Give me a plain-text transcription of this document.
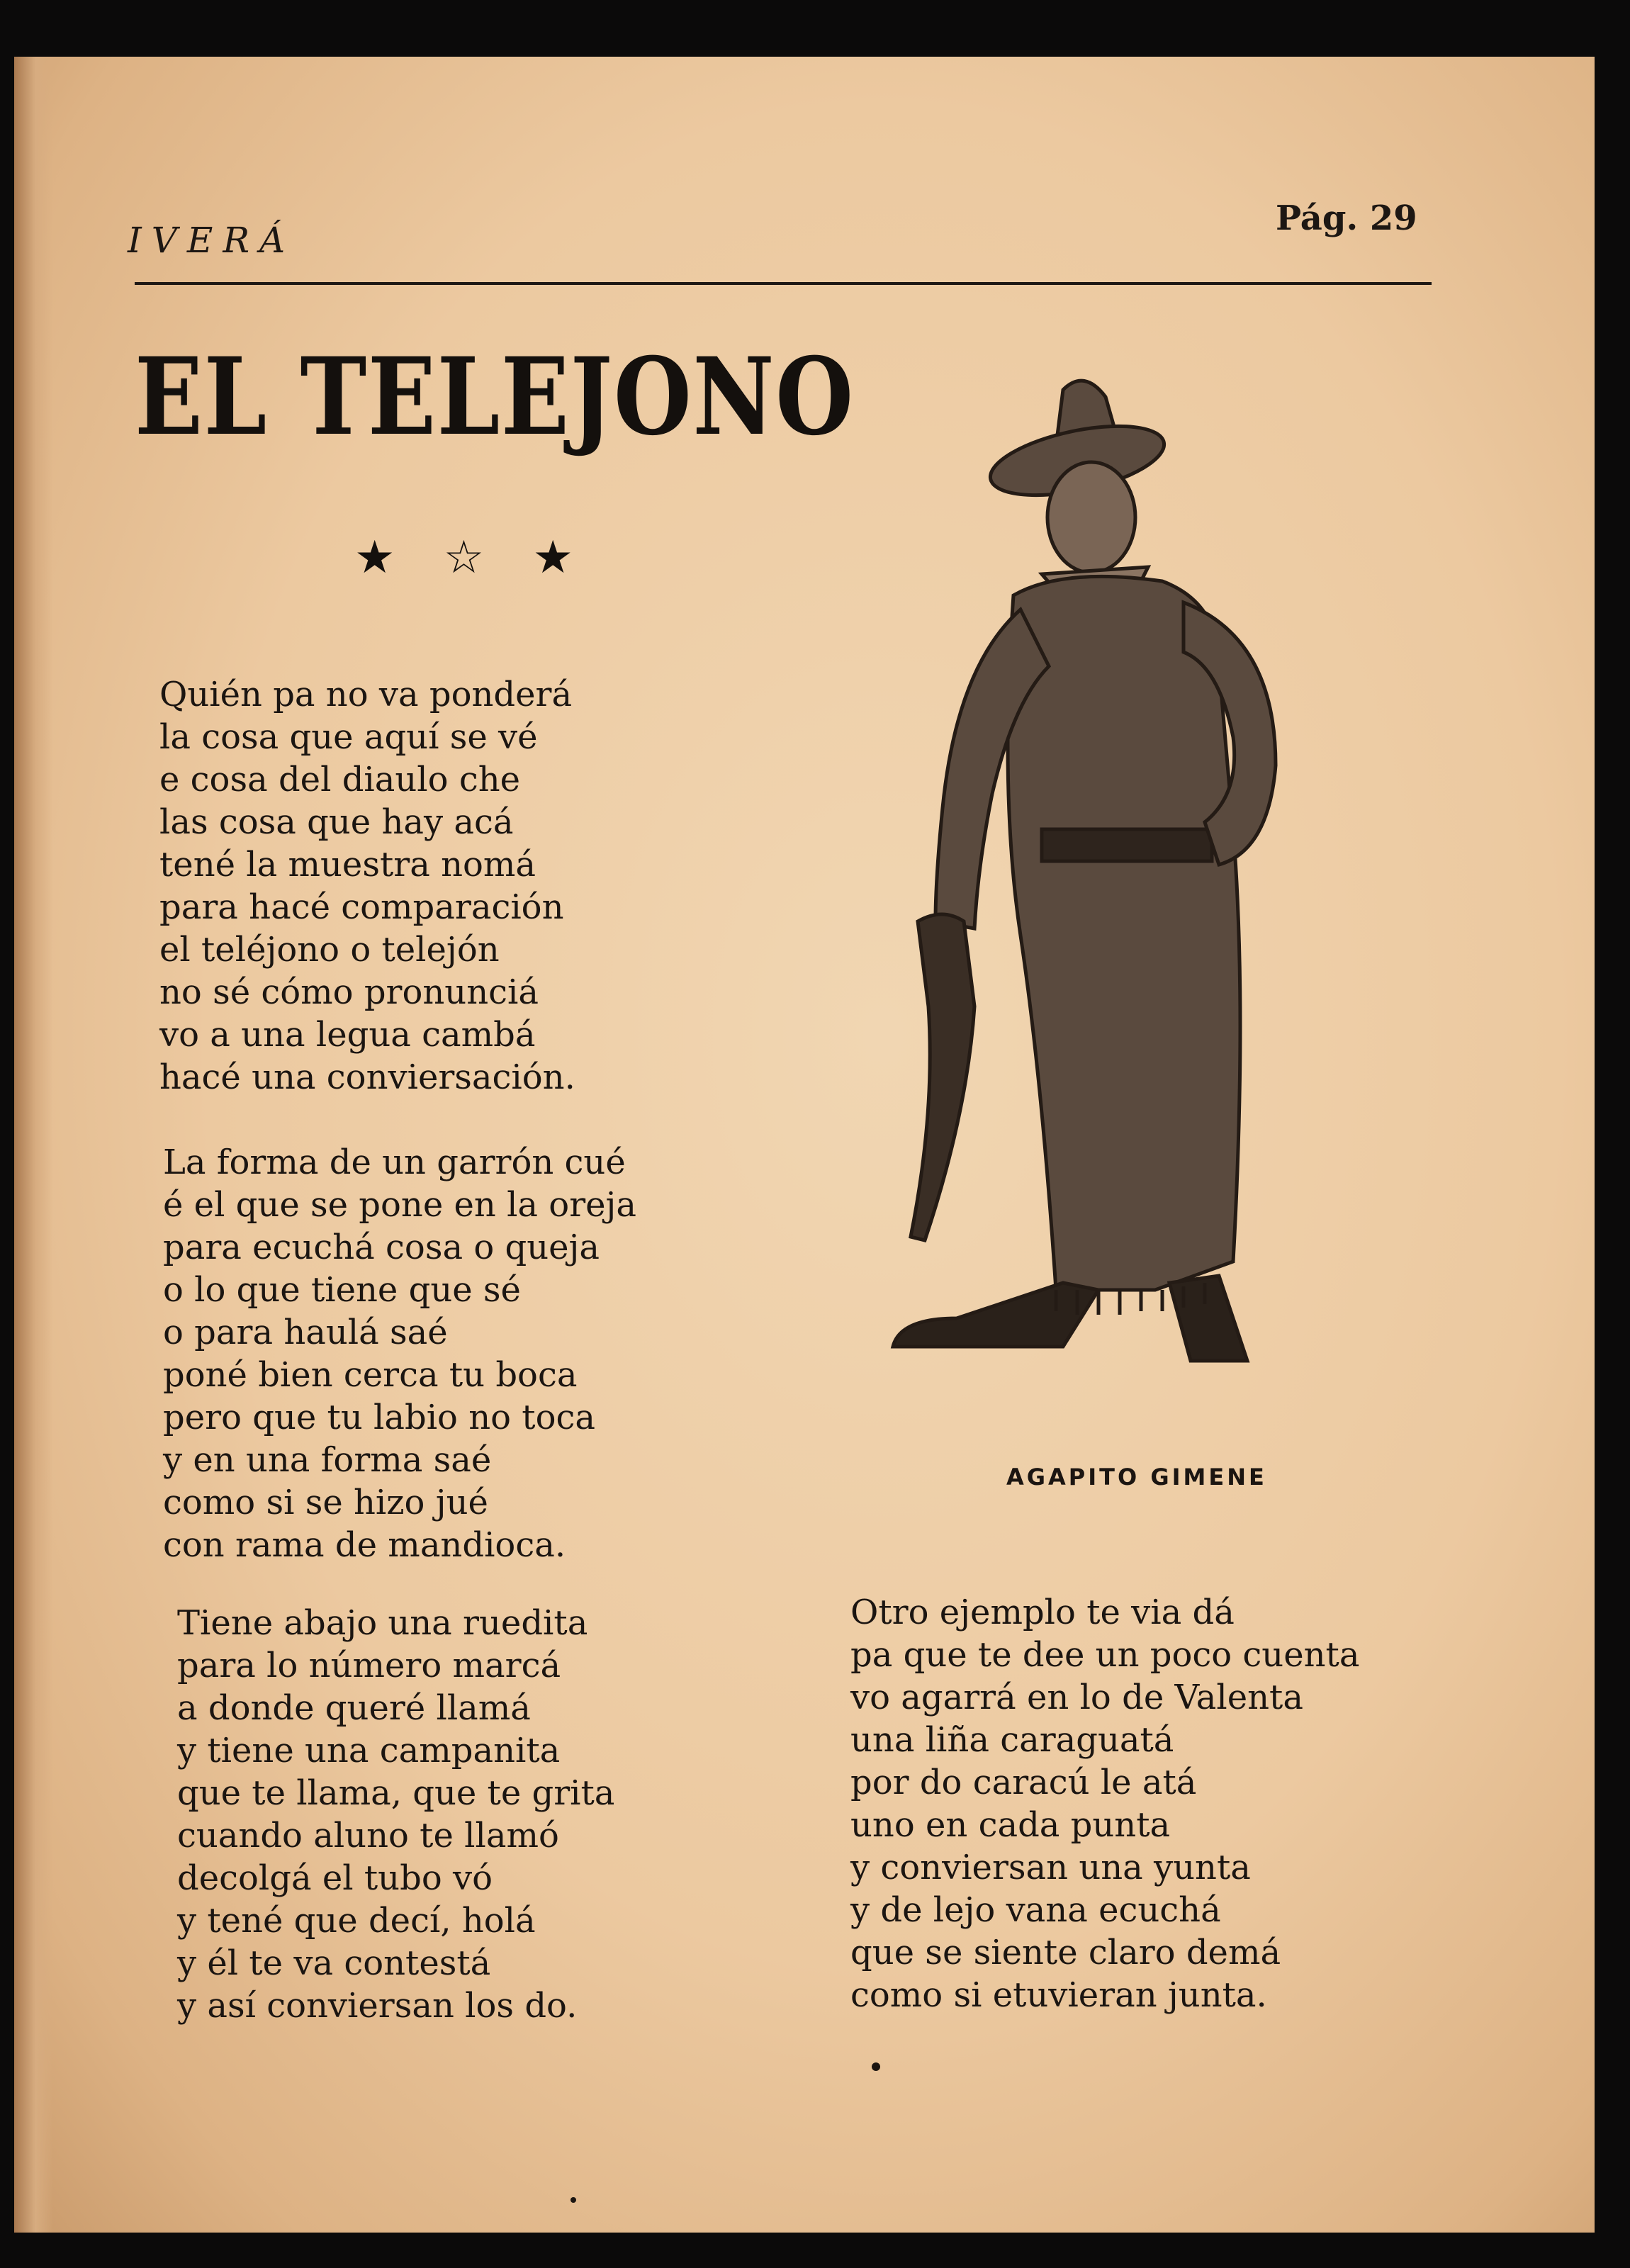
IVERÁ
Pág. 29
EL TELEJONO
★ ☆ ★
Quién pa no va ponderá
la cosa que aquí se vé
e cosa del diaulo che
las cosa que hay acá
tené la muestra nomá
para hacé comparación
el teléjono o telejón
no sé cómo pronunciá
vo a una legua cambá
hacé una conviersación.
La forma de un garrón cué
é el que se pone en la oreja
para ecuchá cosa o queja
o lo que tiene que sé
o para haulá saé
poné bien cerca tu boca
pero que tu labio no toca
y en una forma saé
como si se hizo jué
con rama de mandioca.
Tiene abajo una ruedita
para lo número marcá
a donde queré llamá
y tiene una campanita
que te llama, que te grita
cuando aluno te llamó
decolgá el tubo vó
y tené que decí, holá
y él te va contestá
y así conviersan los do.
Otro ejemplo te via dá
pa que te dee un poco cuenta
vo agarrá en lo de Valenta
una liña caraguatá
por do caracú le atá
uno en cada punta
y conviersan una yunta
y de lejo vana ecuchá
que se siente claro demá
como si etuvieran junta.
AGAPITO GIMENE
